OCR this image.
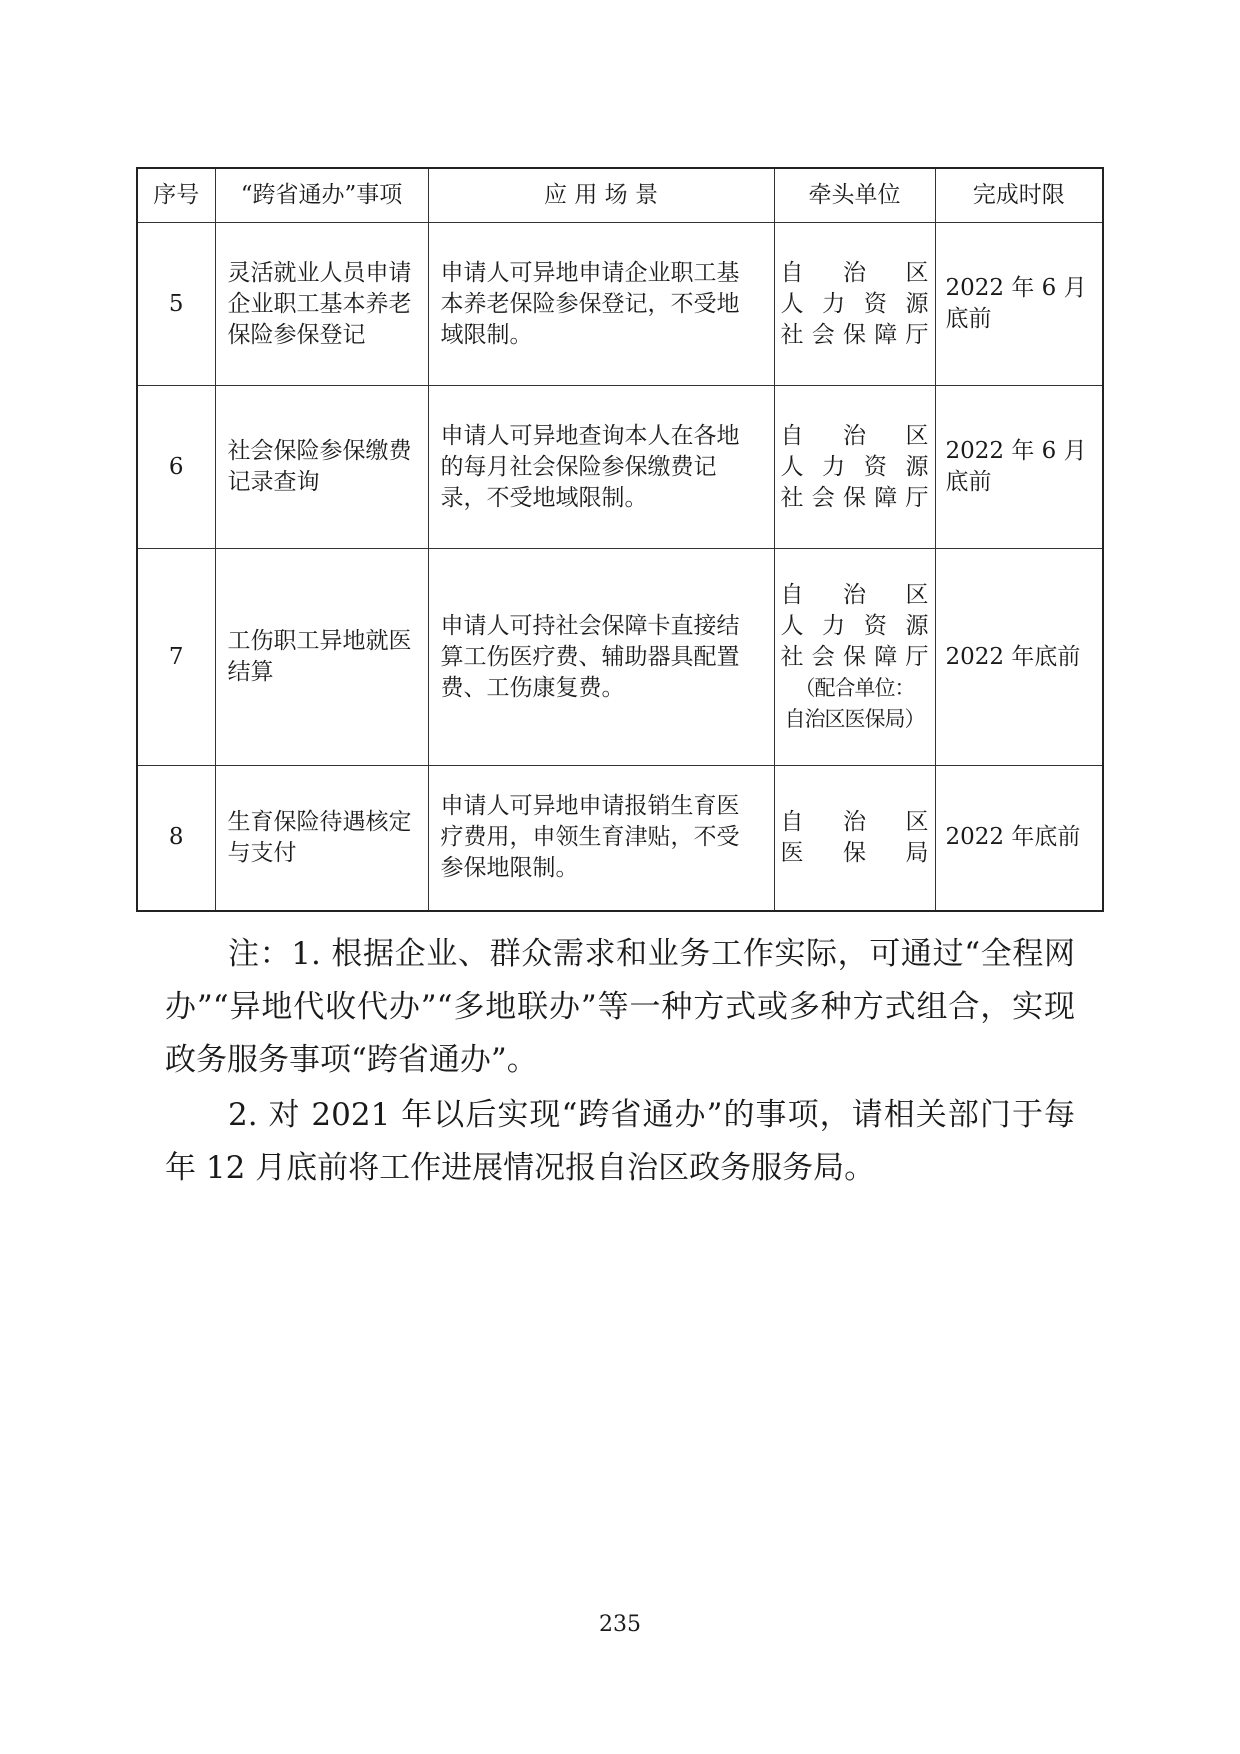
序号	“跨省通办”事项	应 用 场 景	牵头单位	完成时限
5	灵活就业人员申请企业职工基本养老保险参保登记	申请人可异地申请企业职工基本养老保险参保登记，不受地域限制。	自 治 区
人 力 资 源
社会保障厅	2022 年 6 月底前
6	社会保险参保缴费记录查询	申请人可异地查询本人在各地的每月社会保险参保缴费记录，不受地域限制。	自 治 区
人 力 资 源
社会保障厅	2022 年 6 月底前
7	工伤职工异地就医结算	申请人可持社会保障卡直接结算工伤医疗费、辅助器具配置费、工伤康复费。	自 治 区
人 力 资 源
社会保障厅
（配合单位：
自治区医保局）	2022 年底前
8	生育保险待遇核定与支付	申请人可异地申请报销生育医疗费用，申领生育津贴，不受参保地限制。	自 治 区
医 保 局	2022 年底前

注：1. 根据企业、群众需求和业务工作实际，可通过“全程网办”“异地代收代办”“多地联办”等一种方式或多种方式组合，实现政务服务事项“跨省通办”。

2. 对 2021 年以后实现“跨省通办”的事项，请相关部门于每年 12 月底前将工作进展情况报自治区政务服务局。

235
